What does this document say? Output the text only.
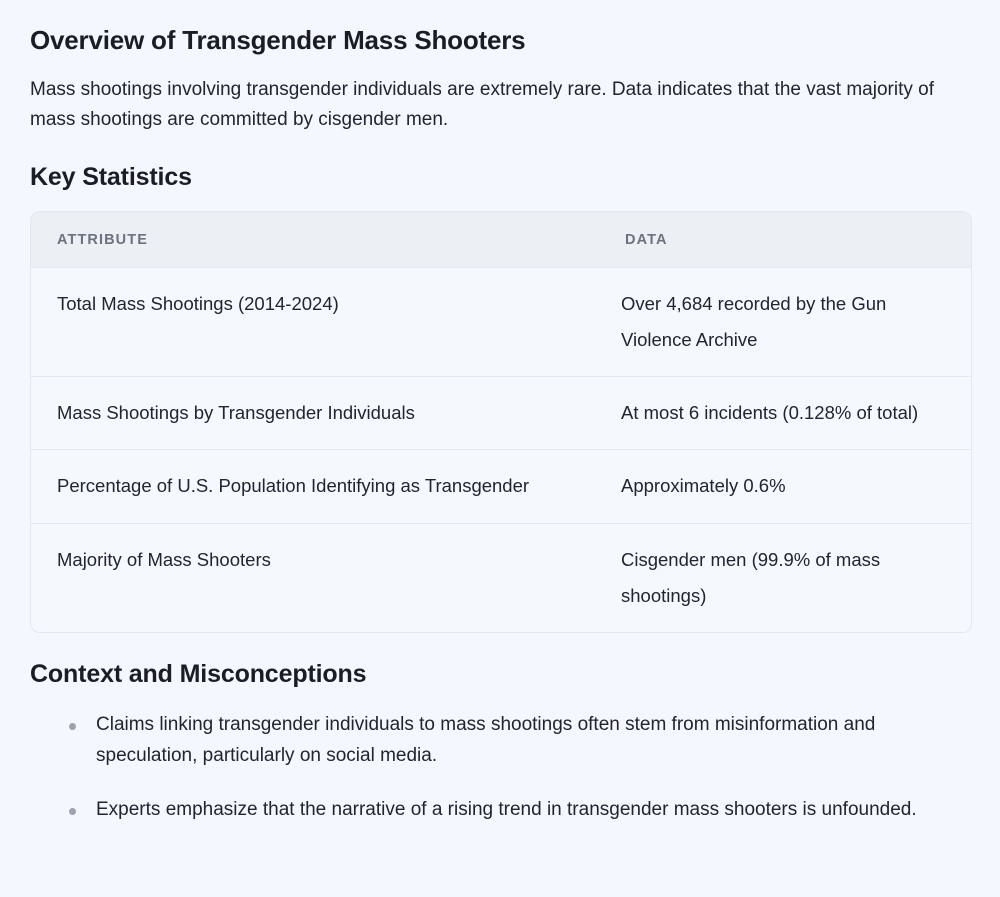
Overview of Transgender Mass Shooters

Mass shootings involving transgender individuals are extremely rare. Data indicates that the vast majority of mass shootings are committed by cisgender men.

Key Statistics
ATTRIBUTE	DATA
Total Mass Shootings (2014-2024)	Over 4,684 recorded by the Gun Violence Archive
Mass Shootings by Transgender Individuals	At most 6 incidents (0.128% of total)
Percentage of U.S. Population Identifying as Transgender	Approximately 0.6%
Majority of Mass Shooters	Cisgender men (99.9% of mass shootings)
Context and Misconceptions
Claims linking transgender individuals to mass shootings often stem from misinformation and speculation, particularly on social media.
Experts emphasize that the narrative of a rising trend in transgender mass shooters is unfounded.
